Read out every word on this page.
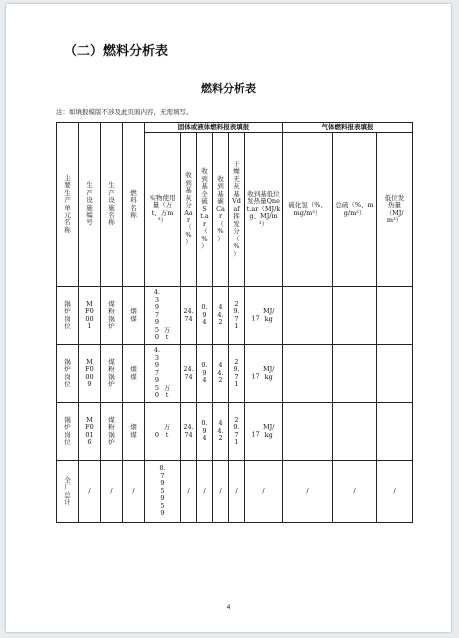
（二）燃料分析表
燃料分析表
注：如填报模版不涉及此页面内容，无需填写。
主要生产单元名称	生产设施编号	生产设施名称	燃料名称	固体或液体燃料报表填报						气体燃料报表填报		
				实物使用量（万t、万m³）	收到基灰分Aar（%）	收到基全硫St.ar（%）	收到基碳Car（%）	干燥无灰基Vdaf挥发分（%）	收到基低位发热量Qnet.ar（MJ/kg、MJ/m³）	硫化氢（%、mg/m³）	总硫（%、mg/m³）	低位发热量（MJ/m³）
锅炉岗位	MF0001	煤粉锅炉	烟煤	4.397950 万t	24.74	0.94	44.2	29.71	17 MJ/kg			
锅炉岗位	MF0009	煤粉锅炉	烟煤	4.397950 万t	24.74	0.94	44.2	29.71	17 MJ/kg			
锅炉岗位	MF0016	煤粉锅炉	烟煤	0 万t	24.74	0.94	44.2	29.71	17 MJ/kg			
全厂总计	/	/	/	8.795959	/	/	/	/	/	/	/	/
4
